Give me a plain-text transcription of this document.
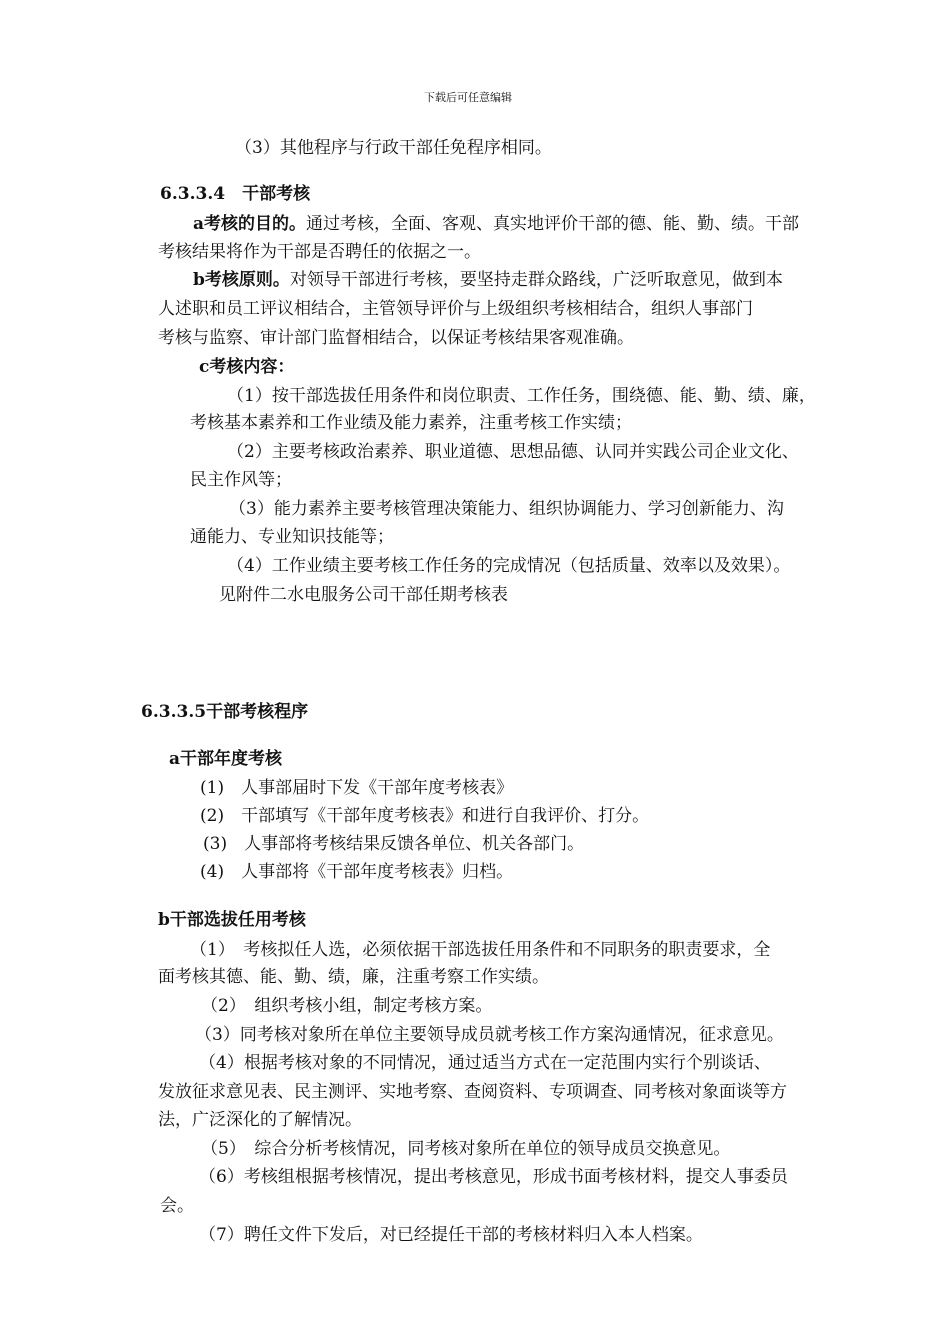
下载后可任意编辑
（3）其他程序与行政干部任免程序相同。
6.3.3.4　干部考核
a考核的目的。通过考核，全面、客观、真实地评价干部的德、能、勤、绩。干部
考核结果将作为干部是否聘任的依据之一。
b考核原则。对领导干部进行考核，要坚持走群众路线，广泛听取意见，做到本
人述职和员工评议相结合，主管领导评价与上级组织考核相结合，组织人事部门
考核与监察、审计部门监督相结合，以保证考核结果客观准确。
c考核内容：
（1）按干部选拔任用条件和岗位职责、工作任务，围绕德、能、勤、绩、廉，
考核基本素养和工作业绩及能力素养，注重考核工作实绩；
（2）主要考核政治素养、职业道德、思想品德、认同并实践公司企业文化、
民主作风等；
（3）能力素养主要考核管理决策能力、组织协调能力、学习创新能力、沟
通能力、专业知识技能等；
（4）工作业绩主要考核工作任务的完成情况（包括质量、效率以及效果）。
见附件二水电服务公司干部任期考核表
6.3.3.5干部考核程序
a干部年度考核
(1)　人事部届时下发《干部年度考核表》
(2)　干部填写《干部年度考核表》和进行自我评价、打分。
(3)　人事部将考核结果反馈各单位、机关各部门。
(4)　人事部将《干部年度考核表》归档。
b干部选拔任用考核
（1）　考核拟任人选，必须依据干部选拔任用条件和不同职务的职责要求，全
面考核其德、能、勤、绩，廉，注重考察工作实绩。
（2）　组织考核小组，制定考核方案。
（3）同考核对象所在单位主要领导成员就考核工作方案沟通情况，征求意见。
（4）根据考核对象的不同情况，通过适当方式在一定范围内实行个别谈话、
发放征求意见表、民主测评、实地考察、查阅资料、专项调查、同考核对象面谈等方
法，广泛深化的了解情况。
（5）　综合分析考核情况，同考核对象所在单位的领导成员交换意见。
（6）考核组根据考核情况，提出考核意见，形成书面考核材料，提交人事委员
会。
（7）聘任文件下发后，对已经提任干部的考核材料归入本人档案。
